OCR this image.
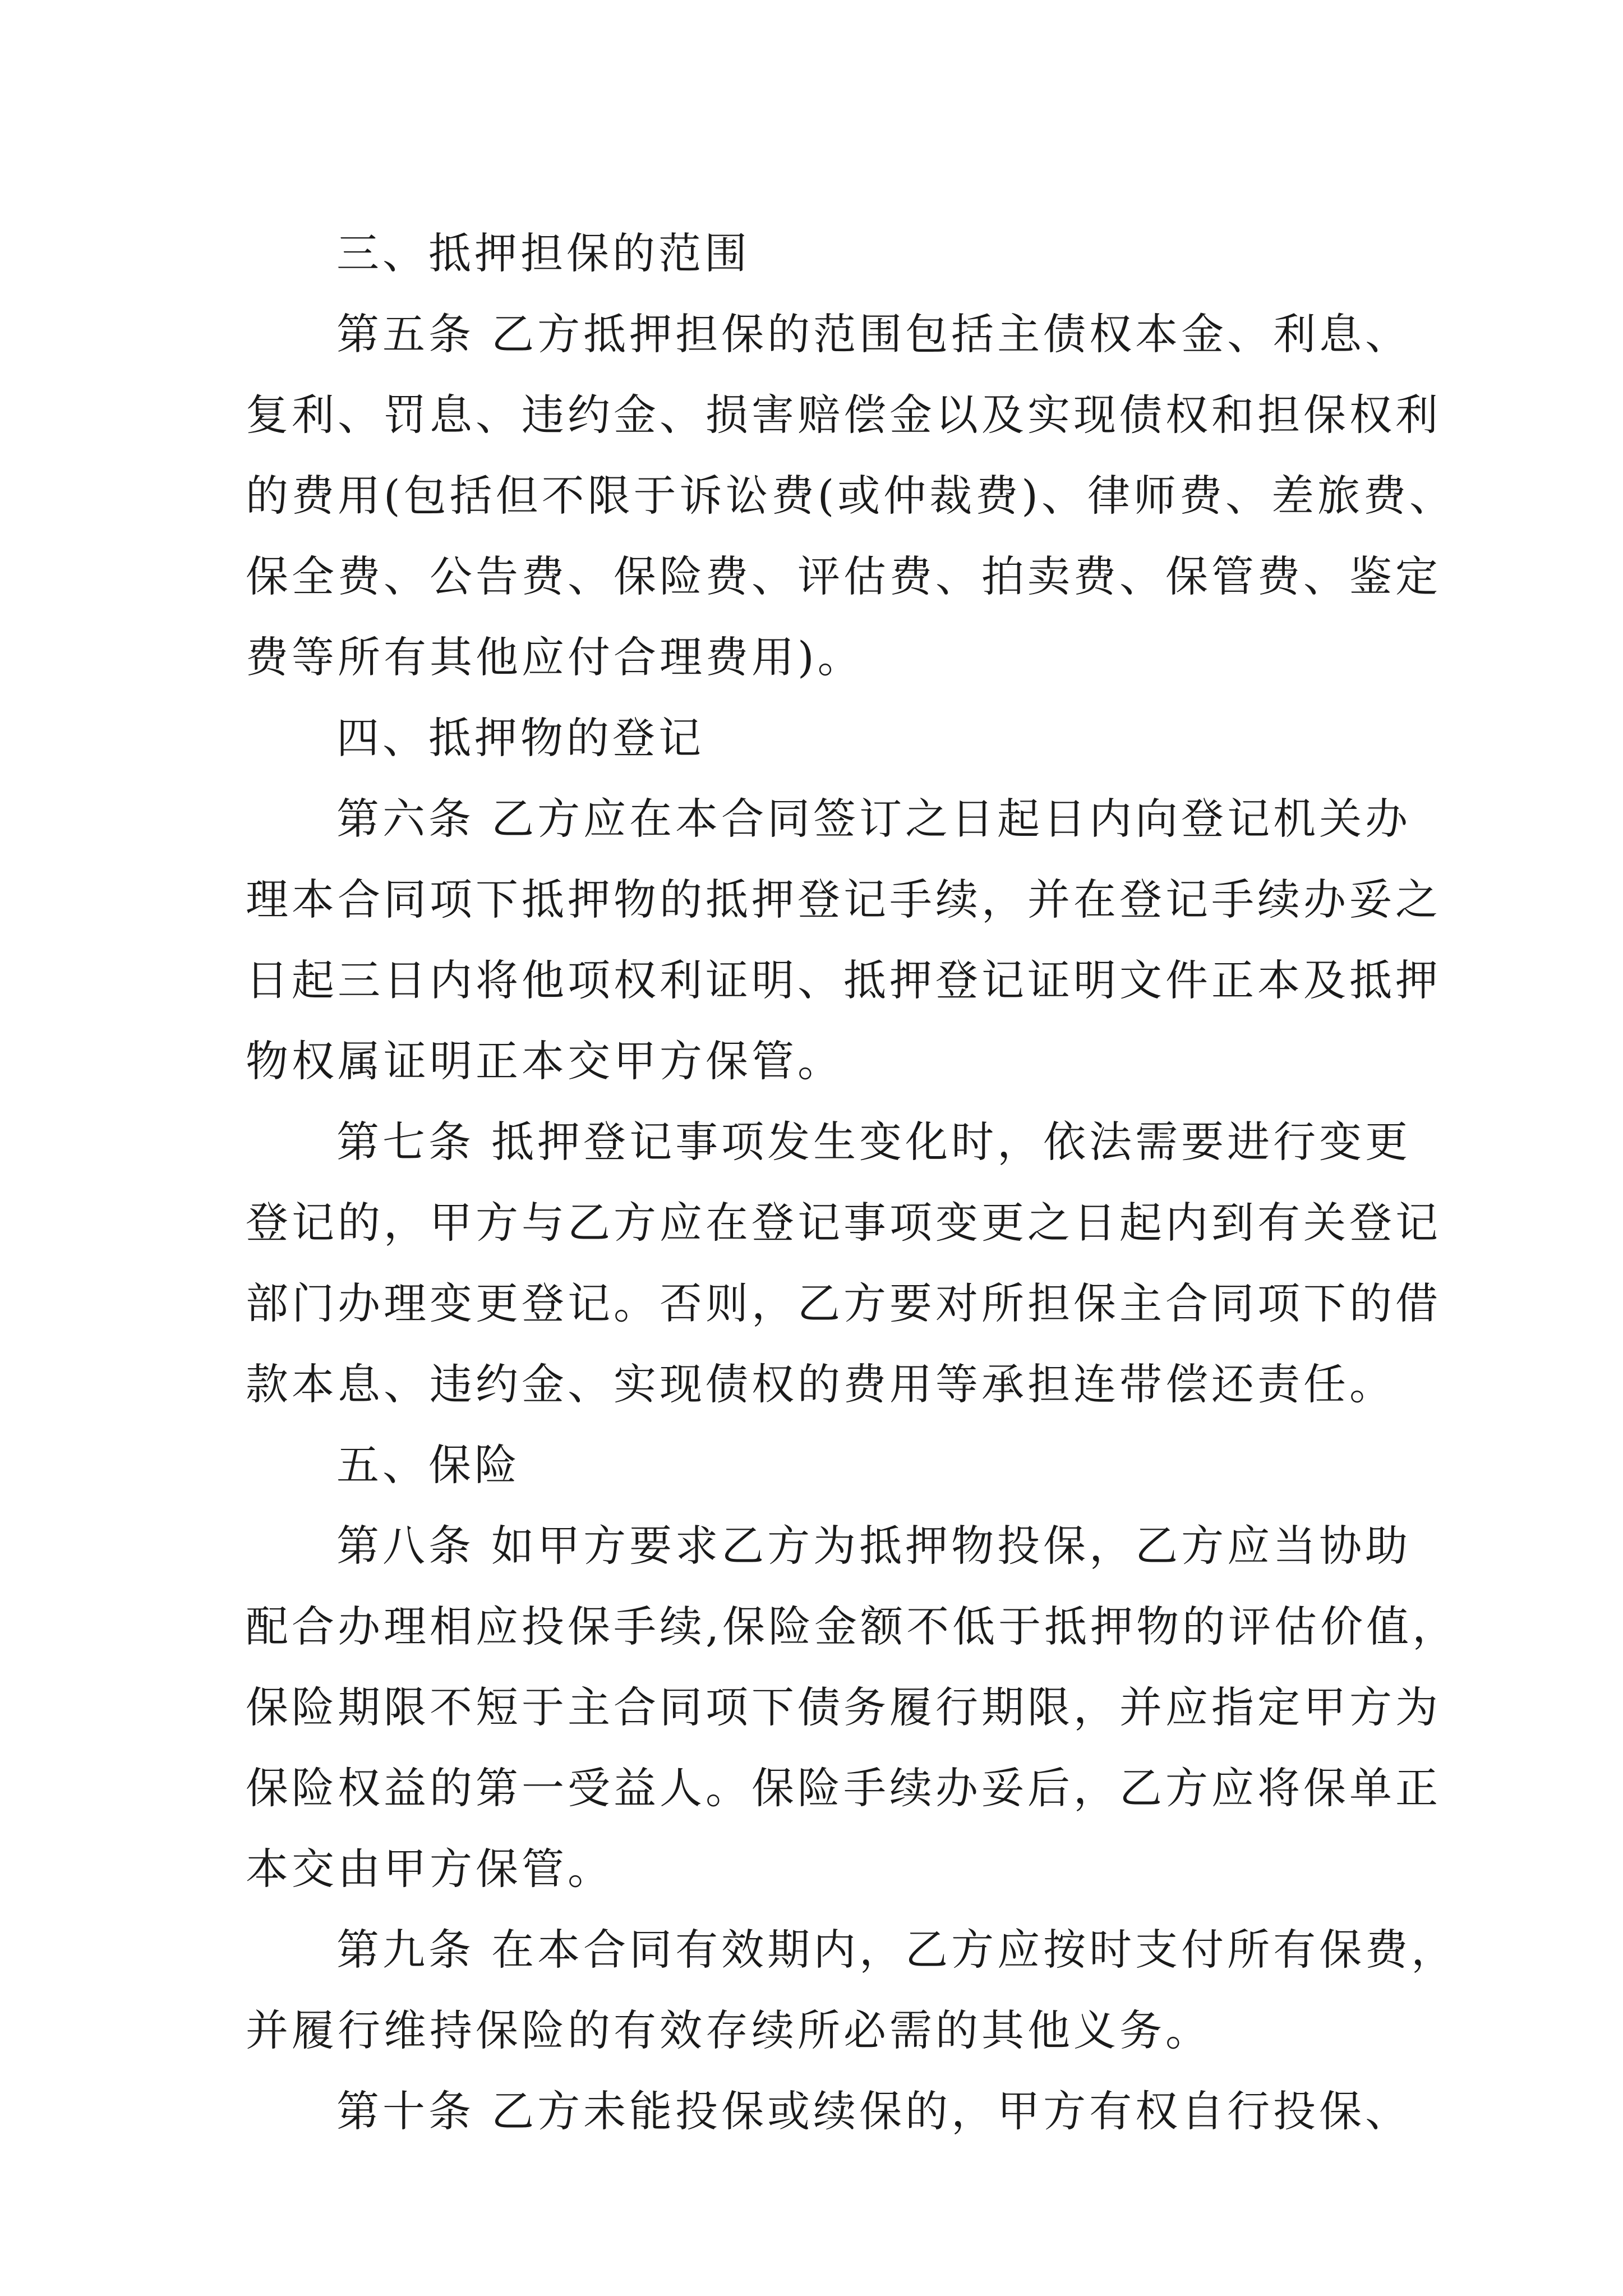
三、抵押担保的范围
第五条 乙方抵押担保的范围包括主债权本金、利息、
复利、罚息、违约金、损害赔偿金以及实现债权和担保权利
的费用(包括但不限于诉讼费(或仲裁费)、律师费、差旅费、
保全费、公告费、保险费、评估费、拍卖费、保管费、鉴定
费等所有其他应付合理费用)。
四、抵押物的登记
第六条 乙方应在本合同签订之日起日内向登记机关办
理本合同项下抵押物的抵押登记手续，并在登记手续办妥之
日起三日内将他项权利证明、抵押登记证明文件正本及抵押
物权属证明正本交甲方保管。
第七条 抵押登记事项发生变化时，依法需要进行变更
登记的，甲方与乙方应在登记事项变更之日起内到有关登记
部门办理变更登记。否则，乙方要对所担保主合同项下的借
款本息、违约金、实现债权的费用等承担连带偿还责任。
五、保险
第八条 如甲方要求乙方为抵押物投保，乙方应当协助
配合办理相应投保手续,保险金额不低于抵押物的评估价值，
保险期限不短于主合同项下债务履行期限，并应指定甲方为
保险权益的第一受益人。保险手续办妥后，乙方应将保单正
本交由甲方保管。
第九条 在本合同有效期内，乙方应按时支付所有保费，
并履行维持保险的有效存续所必需的其他义务。
第十条 乙方未能投保或续保的，甲方有权自行投保、
